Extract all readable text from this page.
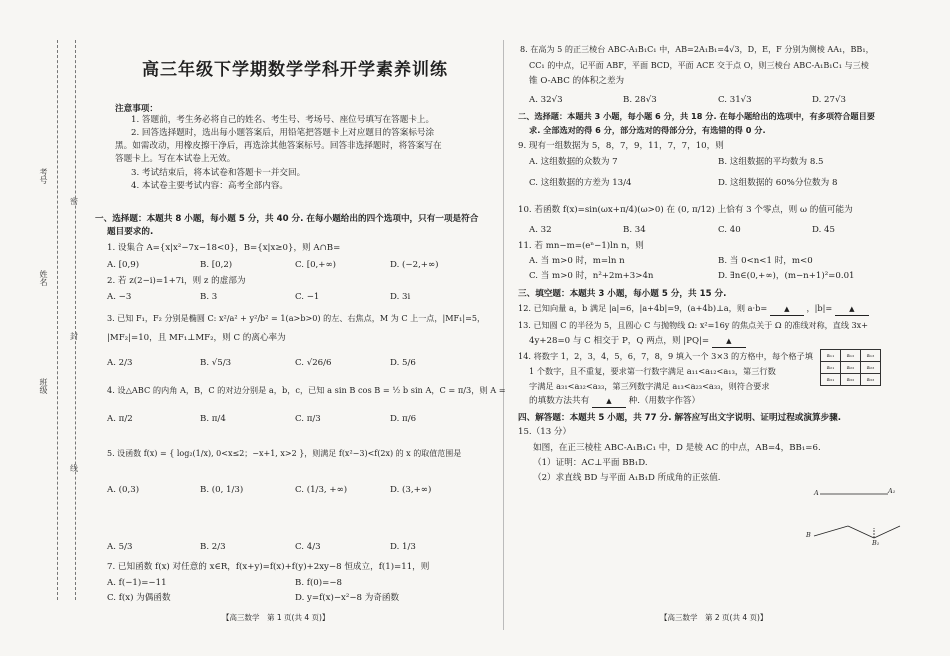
考号
姓名
班级
密
封
线
高三年级下学期数学学科开学素养训练
注意事项：
1. 答题前，考生务必将自己的姓名、考生号、考场号、座位号填写在答题卡上。
2. 回答选择题时，选出每小题答案后，用铅笔把答题卡上对应题目的答案标号涂
黑。如需改动，用橡皮擦干净后，再选涂其他答案标号。回答非选择题时，将答案写在
答题卡上。写在本试卷上无效。
3. 考试结束后，将本试卷和答题卡一并交回。
4. 本试卷主要考试内容：高考全部内容。
一、选择题：本题共 8 小题，每小题 5 分，共 40 分. 在每小题给出的四个选项中，只有一项是符合
题目要求的.
1. 设集合 A={x|x²−7x−18<0}，B={x|x≥0}，则 A∩B=
A. [0,9)	B. [0,2)	C. [0,+∞)	D. (−2,+∞)
2. 若 z(2−i)=1+7i，则 z 的虚部为
A. −3	B. 3	C. −1	D. 3i
3. 已知 F₁，F₂ 分别是椭圆 C: x²/a² + y²/b² = 1(a>b>0) 的左、右焦点，M 为 C 上一点，|MF₁|=5，
|MF₂|=10，且 MF₁⊥MF₂，则 C 的离心率为
A. 2/3	B. √5/3	C. √26/6	D. 5/6
4. 设△ABC 的内角 A，B，C 的对边分别是 a，b，c，已知 a sin B cos B = ½ b sin A，C = π/3，则 A =
A. π/2	B. π/4	C. π/3	D. π/6
5. 设函数 f(x) = { log₂(1/x), 0<x≤2；−x+1, x>2 }，则满足 f(x²−3)<f(2x) 的 x 的取值范围是
A. (0,3)	B. (0, 1/3)	C. (1/3, +∞)	D. (3,+∞)
A. 5/3	B. 2/3	C. 4/3	D. 1/3
7. 已知函数 f(x) 对任意的 x∈R，f(x+y)=f(x)+f(y)+2xy−8 恒成立，f(1)=11，则
A. f(−1)=−11	B. f(0)=−8
C. f(x) 为偶函数	D. y=f(x)−x²−8 为奇函数
【高三数学　第 1 页(共 4 页)】
8. 在高为 5 的正三棱台 ABC-A₁B₁C₁ 中，AB=2A₁B₁=4√3，D，E，F 分别为侧棱 AA₁，BB₁，
CC₁ 的中点，记平面 ABF，平面 BCD，平面 ACE 交于点 O，则三棱台 ABC-A₁B₁C₁ 与三棱
锥 O-ABC 的体积之差为
A. 32√3	B. 28√3	C. 31√3	D. 27√3
二、选择题：本题共 3 小题，每小题 6 分，共 18 分. 在每小题给出的选项中，有多项符合题目要
求. 全部选对的得 6 分，部分选对的得部分分，有选错的得 0 分.
9. 现有一组数据为 5，8，7，9，11，7，7，10，则
A. 这组数据的众数为 7	B. 这组数据的平均数为 8.5
C. 这组数据的方差为 13/4	D. 这组数据的 60%分位数为 8
10. 若函数 f(x)=sin(ωx+π/4)(ω>0) 在 (0, π/12) 上恰有 3 个零点，则 ω 的值可能为
A. 32	B. 34	C. 40	D. 45
11. 若 mn−m=(eⁿ−1)ln n，则
A. 当 m>0 时，m=ln n	B. 当 0<n<1 时，m<0
C. 当 m>0 时，n²+2m+3>4n	D. ∃n∈(0,+∞)，(m−n+1)²=0.01
三、填空题：本题共 3 小题，每小题 5 分，共 15 分.
12. 已知向量 a，b 满足 |a|=6，|a+4b|=9，(a+4b)⊥a，则 a·b= ▲ ，|b|= ▲
13. 已知圆 C 的半径为 5，且圆心 C 与抛物线 Ω: x²=16y 的焦点关于 Ω 的准线对称，直线 3x+
4y+28=0 与 C 相交于 P，Q 两点，则 |PQ|= ▲
14. 将数字 1，2，3，4，5，6，7，8，9 填入一个 3×3 的方格中，每个格子填
1 个数字，且不重复，要求第一行数字满足 a₁₁<a₁₂<a₁₃，第三行数
字满足 a₃₁<a₃₂<a₃₃，第三列数字满足 a₁₃<a₂₃<a₃₃，则符合要求
的填数方法共有 ▲ 种.（用数字作答）
a₁₁	a₁₂	a₁₃
a₂₁	a₂₂	a₂₃
a₃₁	a₃₂	a₃₃
四、解答题：本题共 5 小题，共 77 分. 解答应写出文字说明、证明过程或演算步骤.
15.（13 分）
如图，在正三棱柱 ABC-A₁B₁C₁ 中，D 是棱 AC 的中点，AB=4，BB₁=6.
（1）证明：AC⊥平面 BB₁D.
（2）求直线 BD 与平面 A₁B₁D 所成角的正弦值.
A	A₁
B
B₁
【高三数学　第 2 页(共 4 页)】
